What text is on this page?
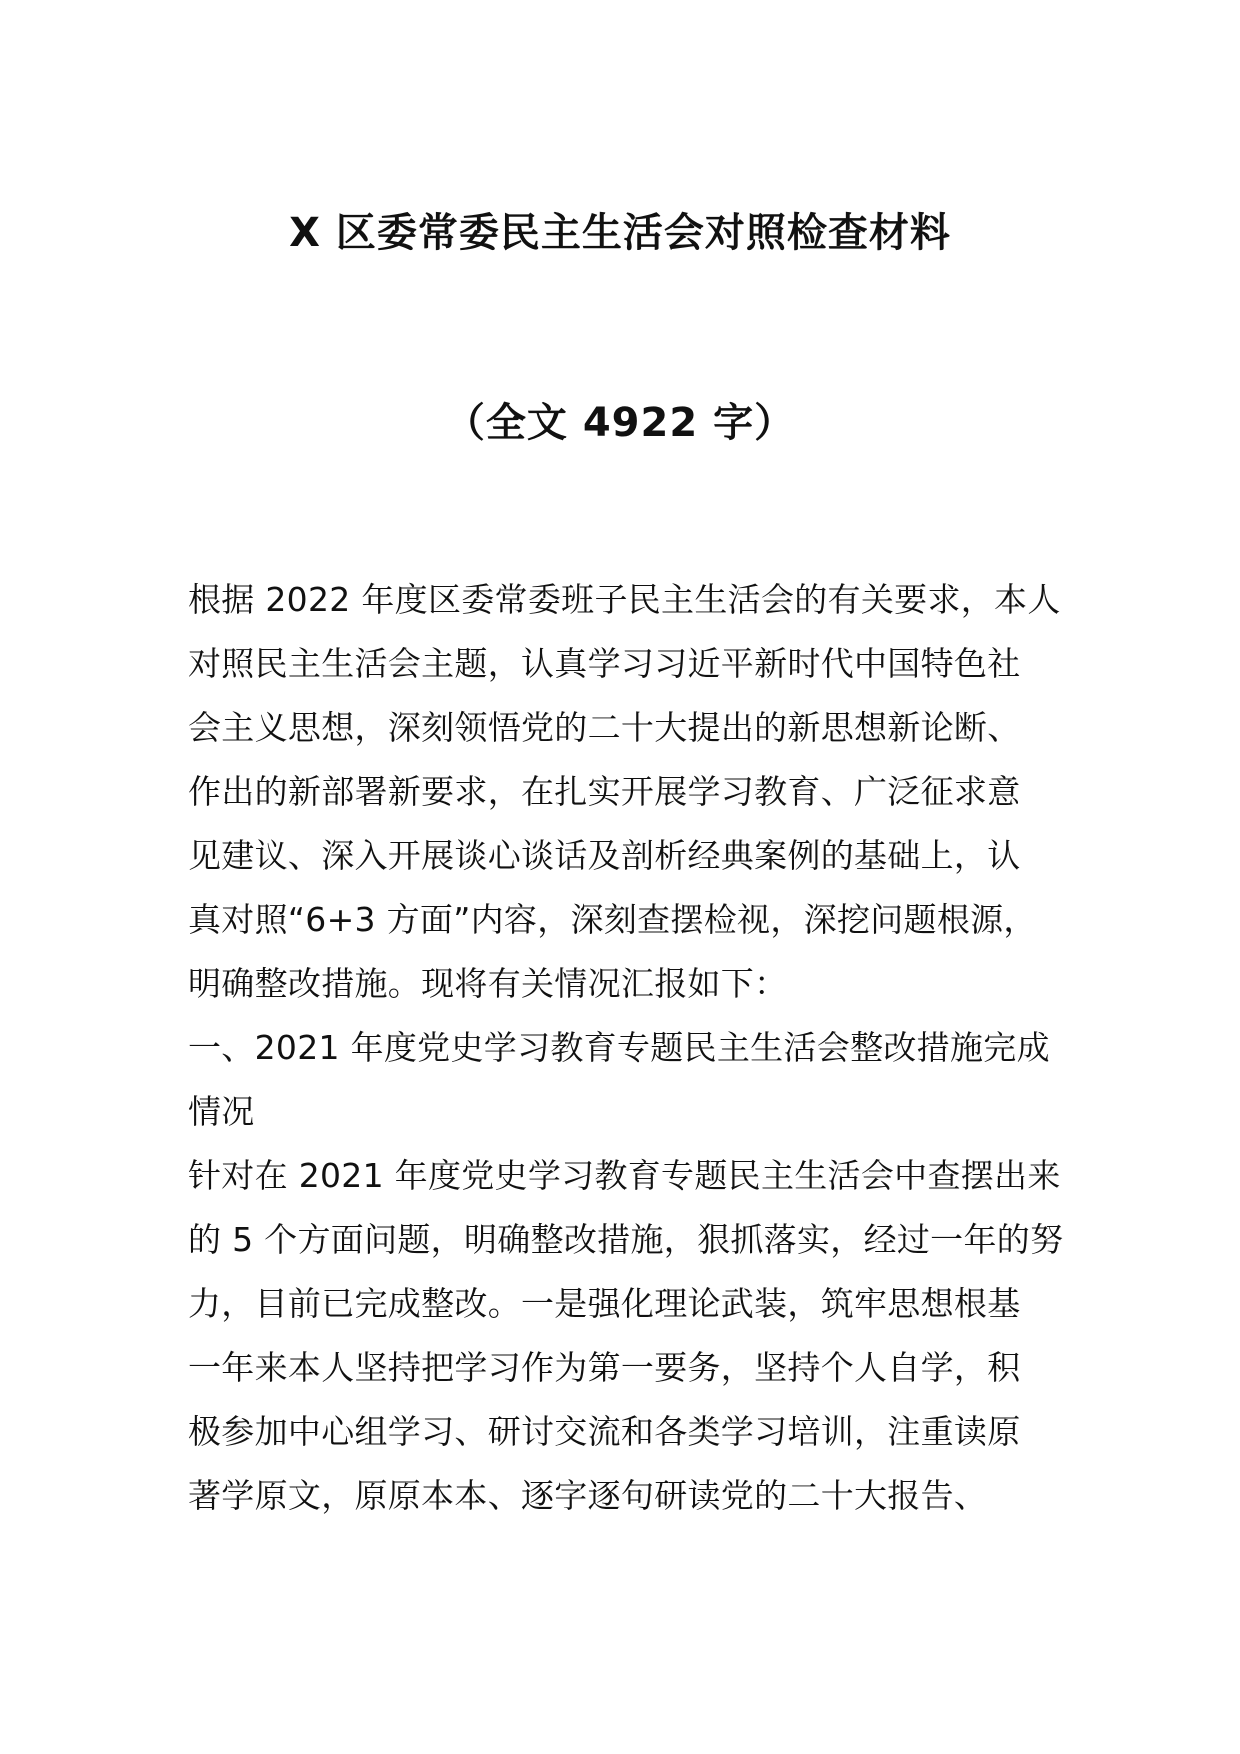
X 区委常委民主生活会对照检查材料
（全文 4922 字）
根据 2022 年度区委常委班子民主生活会的有关要求，本人
对照民主生活会主题，认真学习习近平新时代中国特色社
会主义思想，深刻领悟党的二十大提出的新思想新论断、
作出的新部署新要求，在扎实开展学习教育、广泛征求意
见建议、深入开展谈心谈话及剖析经典案例的基础上，认
真对照“6+3 方面”内容，深刻查摆检视，深挖问题根源，
明确整改措施。现将有关情况汇报如下：
一、2021 年度党史学习教育专题民主生活会整改措施完成
情况
针对在 2021 年度党史学习教育专题民主生活会中查摆出来
的 5 个方面问题，明确整改措施，狠抓落实，经过一年的努
力，目前已完成整改。一是强化理论武装，筑牢思想根基
一年来本人坚持把学习作为第一要务，坚持个人自学，积
极参加中心组学习、研讨交流和各类学习培训，注重读原
著学原文，原原本本、逐字逐句研读党的二十大报告、
